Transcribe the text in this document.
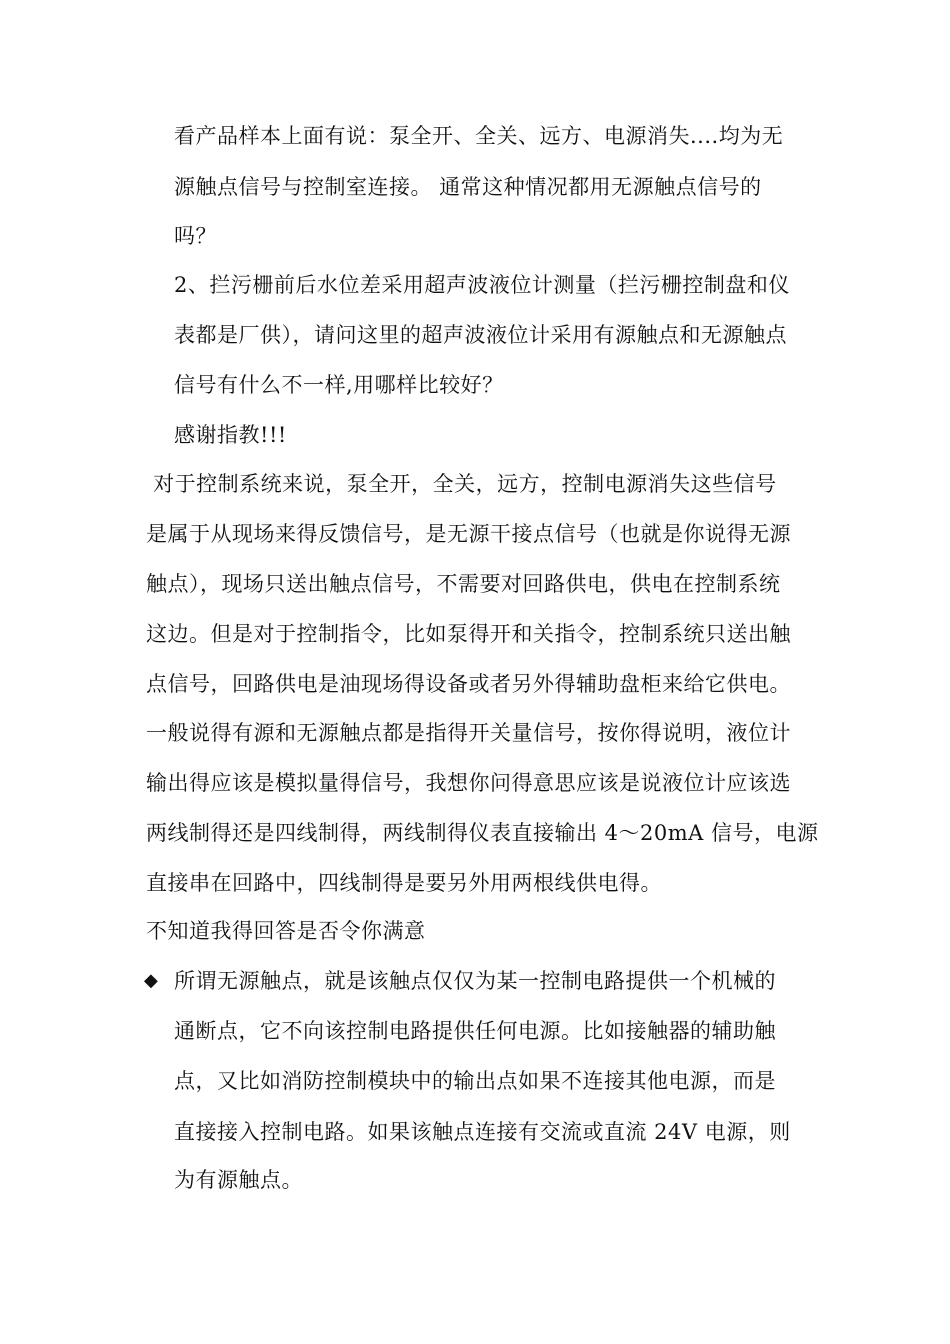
看产品样本上面有说：泵全开、全关、远方、电源消失....均为无
源触点信号与控制室连接。 通常这种情况都用无源触点信号的
吗？
2、拦污栅前后水位差采用超声波液位计测量（拦污栅控制盘和仪
表都是厂供），请问这里的超声波液位计采用有源触点和无源触点
信号有什么不一样,用哪样比较好？
感谢指教!!!
对于控制系统来说，泵全开，全关，远方，控制电源消失这些信号
是属于从现场来得反馈信号，是无源干接点信号（也就是你说得无源
触点），现场只送出触点信号，不需要对回路供电，供电在控制系统
这边。但是对于控制指令，比如泵得开和关指令，控制系统只送出触
点信号，回路供电是油现场得设备或者另外得辅助盘柜来给它供电。
一般说得有源和无源触点都是指得开关量信号，按你得说明，液位计
输出得应该是模拟量得信号，我想你问得意思应该是说液位计应该选
两线制得还是四线制得，两线制得仪表直接输出 4～20mA 信号，电源
直接串在回路中，四线制得是要另外用两根线供电得。
不知道我得回答是否令你满意
◆ 所谓无源触点，就是该触点仅仅为某一控制电路提供一个机械的
通断点，它不向该控制电路提供任何电源。比如接触器的辅助触
点，又比如消防控制模块中的输出点如果不连接其他电源，而是
直接接入控制电路。如果该触点连接有交流或直流 24V 电源，则
为有源触点。
